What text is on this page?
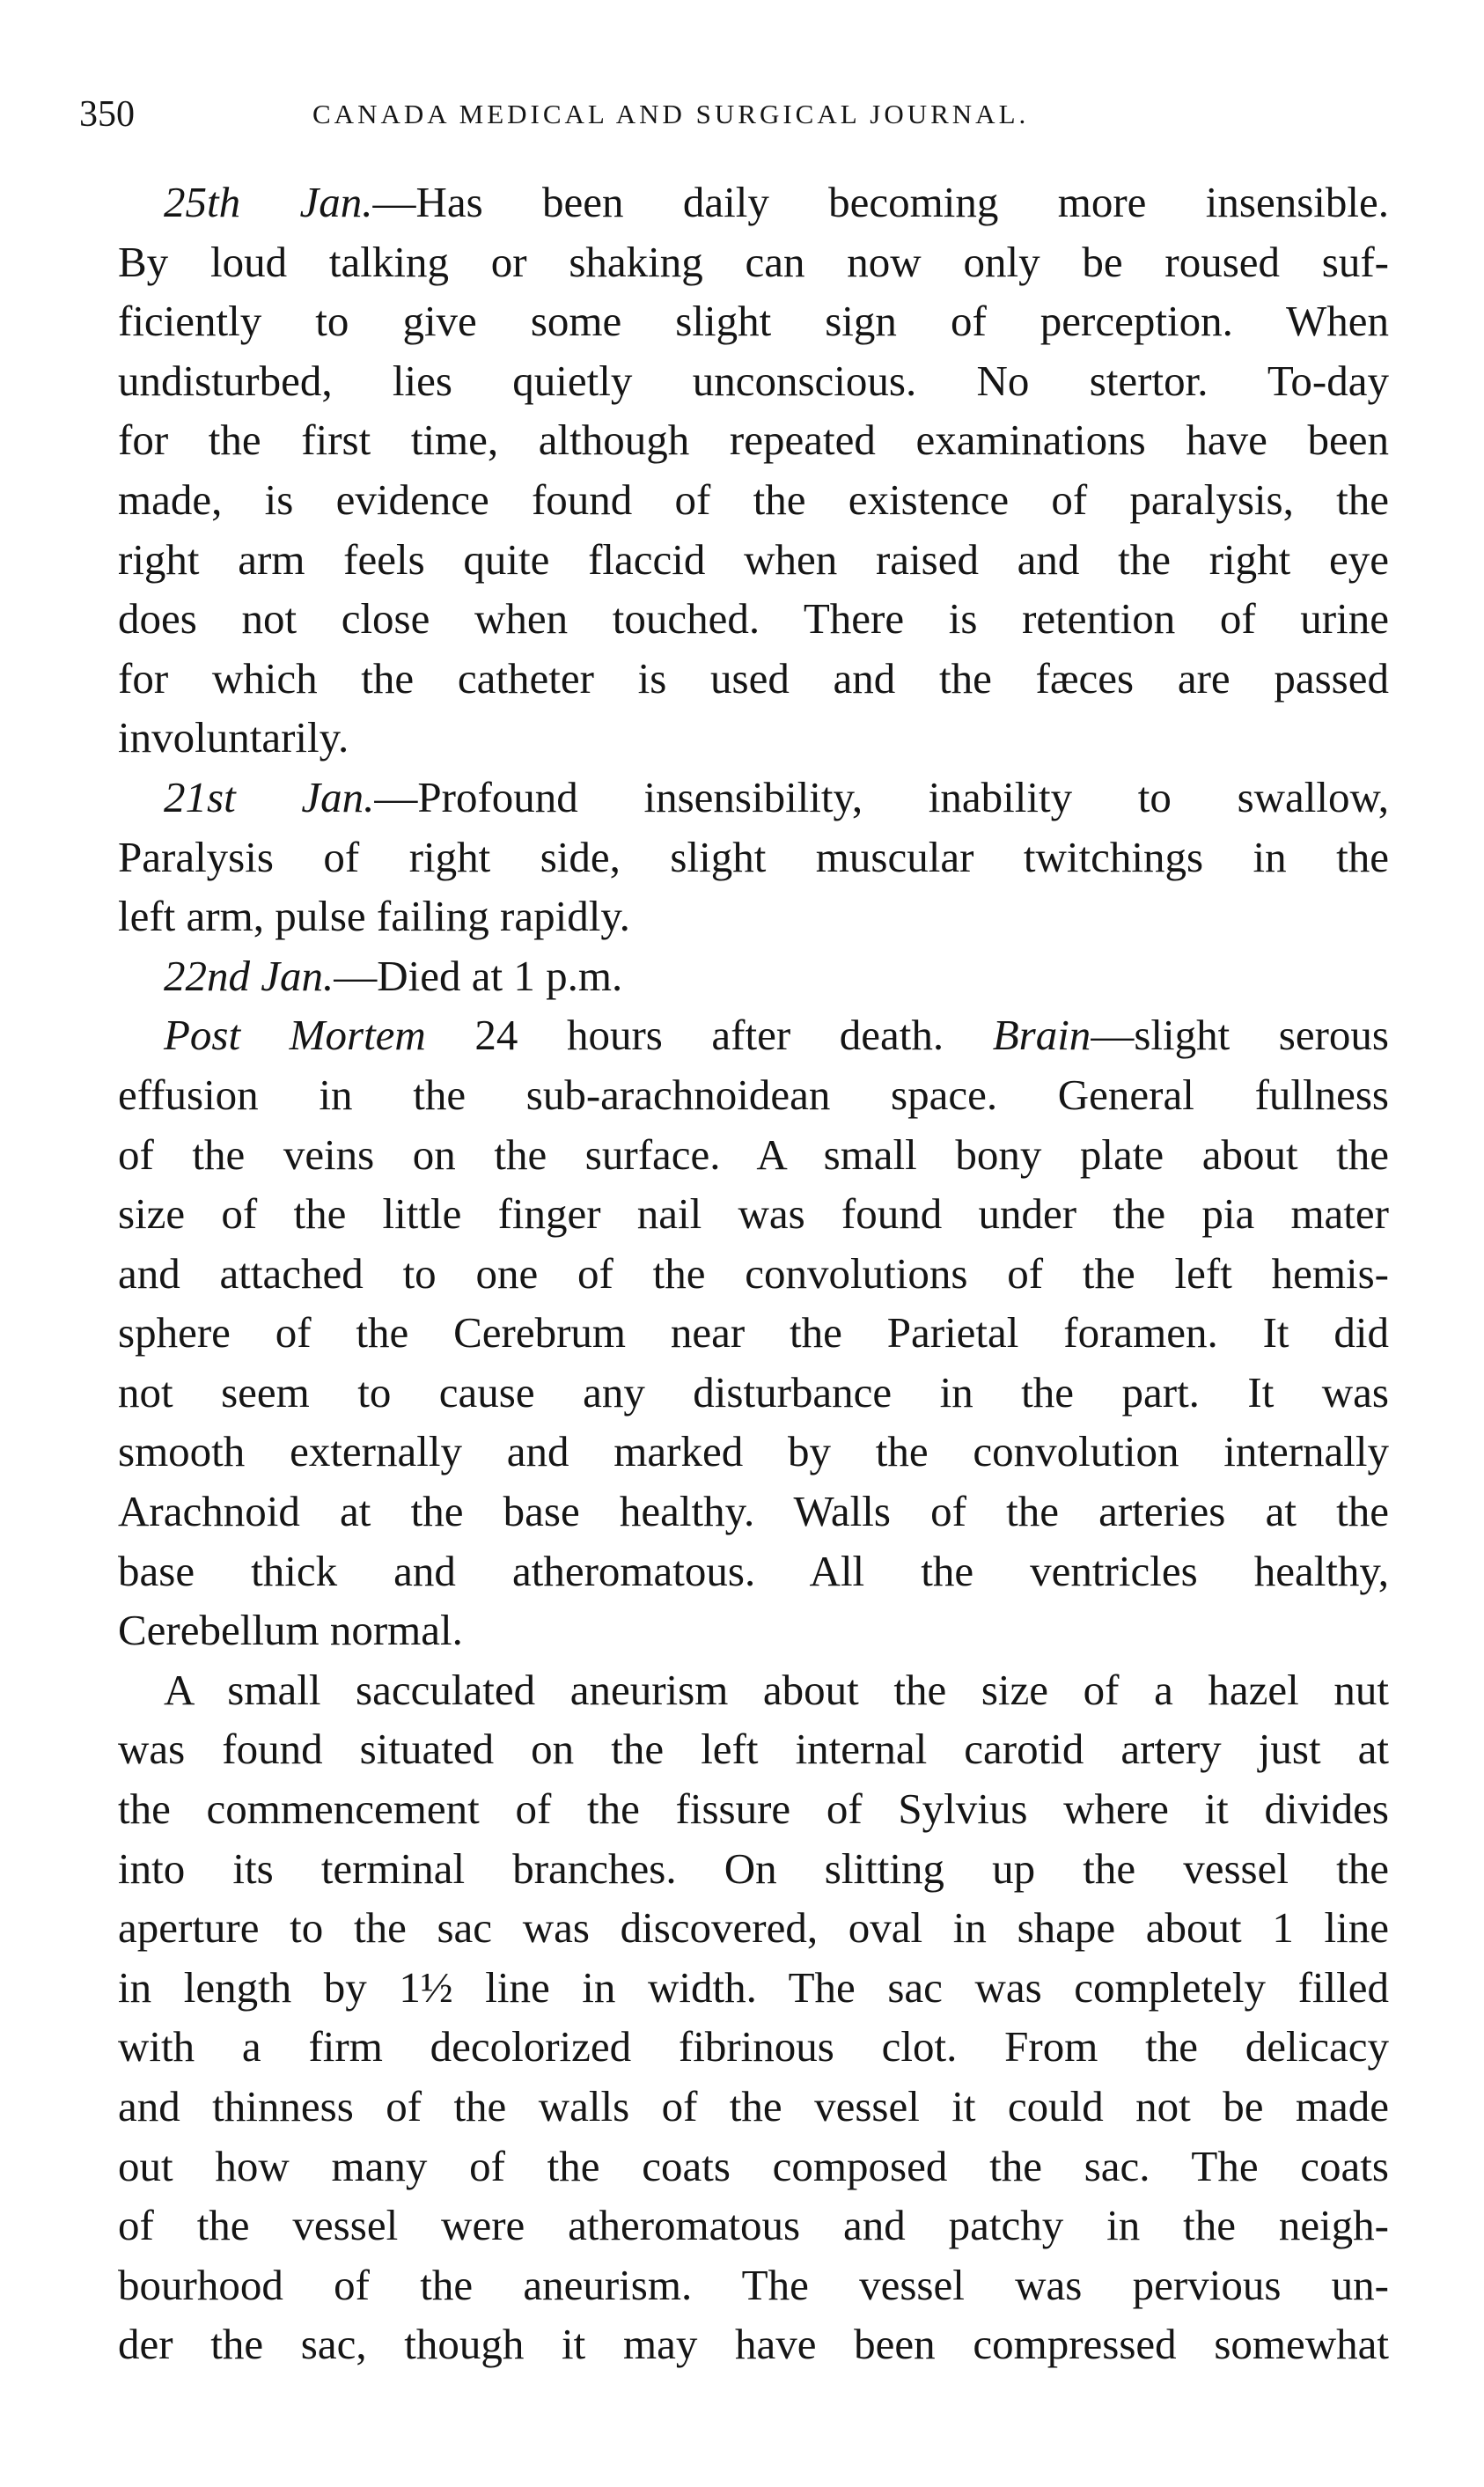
350	CANADA MEDICAL AND SURGICAL JOURNAL.
25th Jan.—Has been daily becoming more insensible.
By loud talking or shaking can now only be roused suf-
ficiently to give some slight sign of perception. When
undisturbed, lies quietly unconscious. No stertor. To-day
for the first time, although repeated examinations have been
made, is evidence found of the existence of paralysis, the
right arm feels quite flaccid when raised and the right eye
does not close when touched. There is retention of urine
for which the catheter is used and the fæces are passed
involuntarily.
21st Jan.—Profound insensibility, inability to swallow,
Paralysis of right side, slight muscular twitchings in the
left arm, pulse failing rapidly.
22nd Jan.—Died at 1 p.m.
Post Mortem 24 hours after death. Brain—slight serous
effusion in the sub-arachnoidean space. General fullness
of the veins on the surface. A small bony plate about the
size of the little finger nail was found under the pia mater
and attached to one of the convolutions of the left hemis-
sphere of the Cerebrum near the Parietal foramen. It did
not seem to cause any disturbance in the part. It was
smooth externally and marked by the convolution internally
Arachnoid at the base healthy. Walls of the arteries at the
base thick and atheromatous. All the ventricles healthy,
Cerebellum normal.
A small sacculated aneurism about the size of a hazel nut
was found situated on the left internal carotid artery just at
the commencement of the fissure of Sylvius where it divides
into its terminal branches. On slitting up the vessel the
aperture to the sac was discovered, oval in shape about 1 line
in length by 1½ line in width. The sac was completely filled
with a firm decolorized fibrinous clot. From the delicacy
and thinness of the walls of the vessel it could not be made
out how many of the coats composed the sac. The coats
of the vessel were atheromatous and patchy in the neigh-
bourhood of the aneurism. The vessel was pervious un-
der the sac, though it may have been compressed somewhat
